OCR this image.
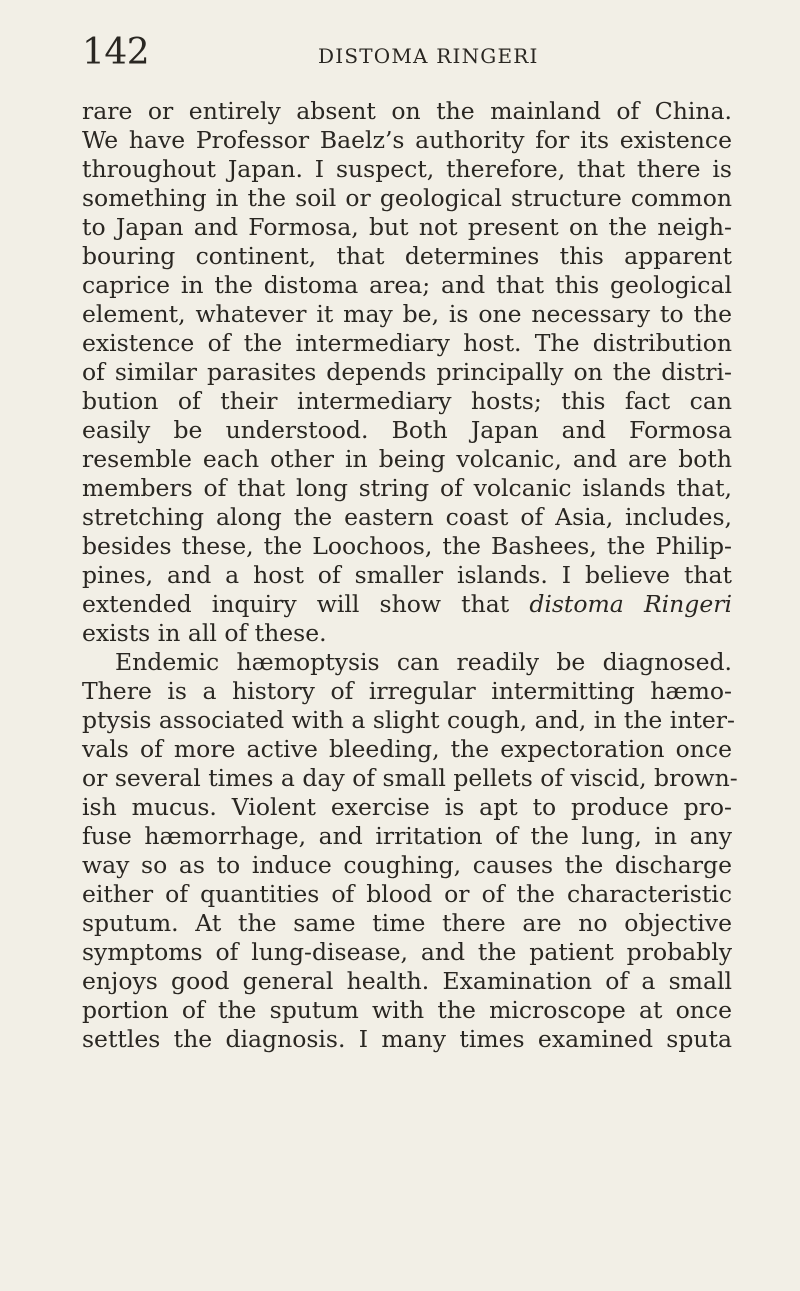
142	DISTOMA RINGERI
rare or entirely absent on the mainland of China.
We have Professor Baelz’s authority for its existence
throughout Japan. I suspect, therefore, that there is
something in the soil or geological structure common
to Japan and Formosa, but not present on the neigh-
bouring continent, that determines this apparent
caprice in the distoma area; and that this geological
element, whatever it may be, is one necessary to the
existence of the intermediary host. The distribution
of similar parasites depends principally on the distri-
bution of their intermediary hosts; this fact can
easily be understood. Both Japan and Formosa
resemble each other in being volcanic, and are both
members of that long string of volcanic islands that,
stretching along the eastern coast of Asia, includes,
besides these, the Loochoos, the Bashees, the Philip-
pines, and a host of smaller islands. I believe that
extended inquiry will show that distoma Ringeri
exists in all of these.
Endemic hæmoptysis can readily be diagnosed.
There is a history of irregular intermitting hæmo-
ptysis associated with a slight cough, and, in the inter-
vals of more active bleeding, the expectoration once
or several times a day of small pellets of viscid, brown-
ish mucus. Violent exercise is apt to produce pro-
fuse hæmorrhage, and irritation of the lung, in any
way so as to induce coughing, causes the discharge
either of quantities of blood or of the characteristic
sputum. At the same time there are no objective
symptoms of lung-disease, and the patient probably
enjoys good general health. Examination of a small
portion of the sputum with the microscope at once
settles the diagnosis. I many times examined sputa
